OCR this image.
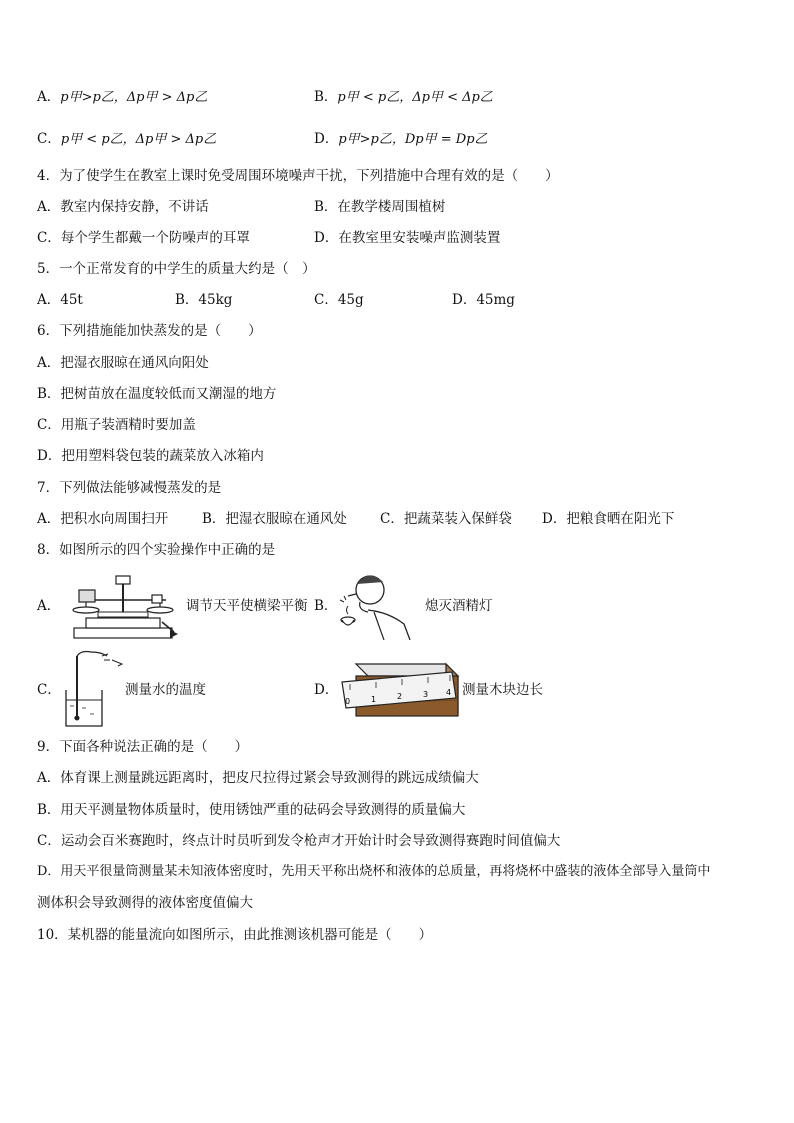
A．p甲>p乙，Δp甲 > Δp乙	B．p甲 < p乙，Δp甲 < Δp乙
C．p甲 < p乙，Δp甲 > Δp乙	D．p甲>p乙，Dp甲 = Dp乙
4．为了使学生在教室上课时免受周围环境噪声干扰，下列措施中合理有效的是（　　）
A．教室内保持安静，不讲话	B．在教学楼周围植树
C．每个学生都戴一个防噪声的耳罩	D．在教室里安装噪声监测装置
5．一个正常发育的中学生的质量大约是（　）
A．45t	B．45kg	C．45g	D．45mg
6．下列措施能加快蒸发的是（　　）
A．把湿衣服晾在通风向阳处
B．把树苗放在温度较低而又潮湿的地方
C．用瓶子装酒精时要加盖
D．把用塑料袋包装的蔬菜放入冰箱内
7．下列做法能够减慢蒸发的是
A．把积水向周围扫开	B．把湿衣服晾在通风处 C．把蔬菜装入保鲜袋 D．把粮食晒在阳光下
8．如图所示的四个实验操作中正确的是
A．	调节天平使横梁平衡 B．	熄灭酒精灯
C．	测量水的温度	D．
0	1	2	3 4 测量木块边长
9．下面各种说法正确的是（　　）
A．体育课上测量跳远距离时，把皮尺拉得过紧会导致测得的跳远成绩偏大
B．用天平测量物体质量时，使用锈蚀严重的砝码会导致测得的质量偏大
C．运动会百米赛跑时，终点计时员听到发令枪声才开始计时会导致测得赛跑时间值偏大
D．用天平很量筒测量某未知液体密度时，先用天平称出烧杯和液体的总质量，再将烧杯中盛装的液体全部导入量筒中
测体积会导致测得的液体密度值偏大
10．某机器的能量流向如图所示，由此推测该机器可能是（　　）
